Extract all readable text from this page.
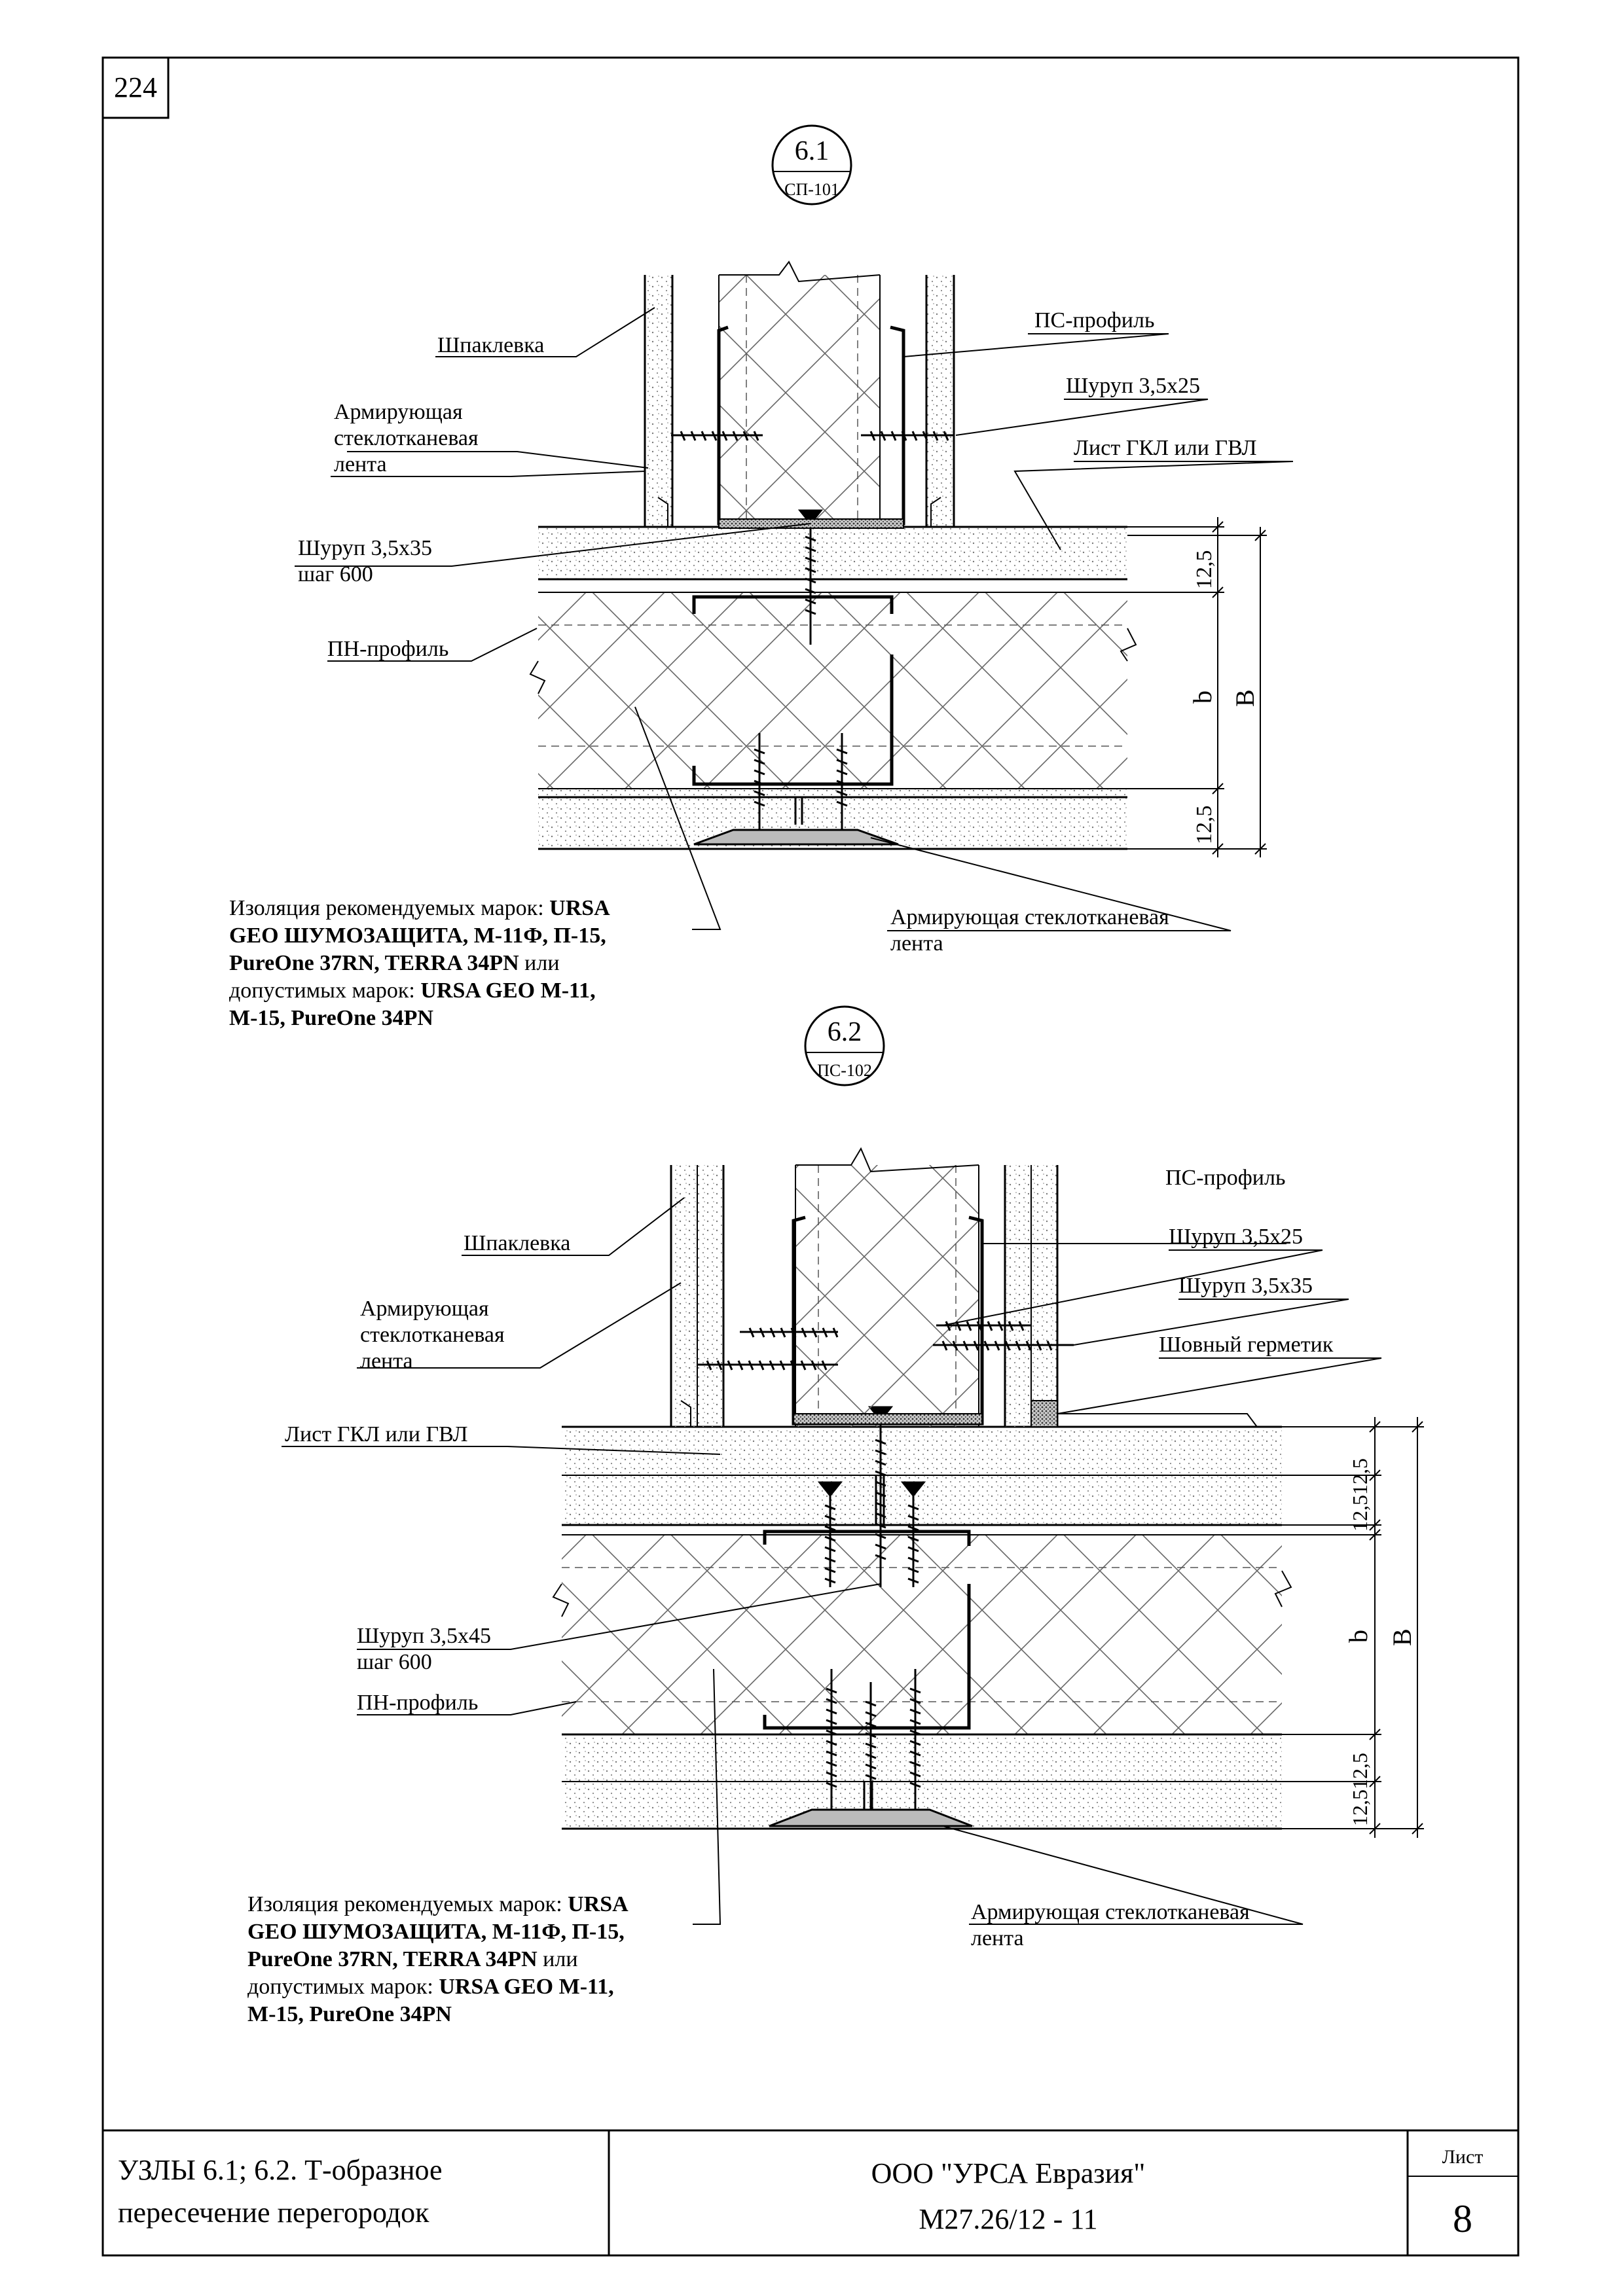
224
6.1
СП-101
12,5
b B
12,5
Шпаклевка
Армирующая
стеклотканевая
лента
Шуруп 3,5х35
шаг 600
ПН-профиль
ПС-профиль
Шуруп 3,5х25
Лист ГКЛ или ГВЛ
Армирующая стеклотканевая
лента
Изоляция рекомендуемых марок: URSA
GEO ШУМОЗАЩИТА, М-11Ф, П-15,
PureOne 37RN, TERRA 34PN или
допустимых марок: URSA GEO М-11,
М-15, PureOne 34PN	6.2
ПС-102
12,512,5
b B
12,512,5
Шпаклевка
Армирующая
стеклотканевая
лента
Лист ГКЛ или ГВЛ
Шуруп 3,5х45
шаг 600
ПН-профиль
ПС-профиль
Шуруп 3,5х25
Шуруп 3,5х35
Шовный герметик
Армирующая стеклотканевая
лента
Изоляция рекомендуемых марок: URSA
GEO ШУМОЗАЩИТА, М-11Ф, П-15,
PureOne 37RN, TERRA 34PN или
допустимых марок: URSA GEO М-11,
М-15, PureOne 34PN
УЗЛЫ 6.1; 6.2. Т-образное
пересечение перегородок
ООО "УРСА Евразия"
М27.26/12 - 11
Лист
8
